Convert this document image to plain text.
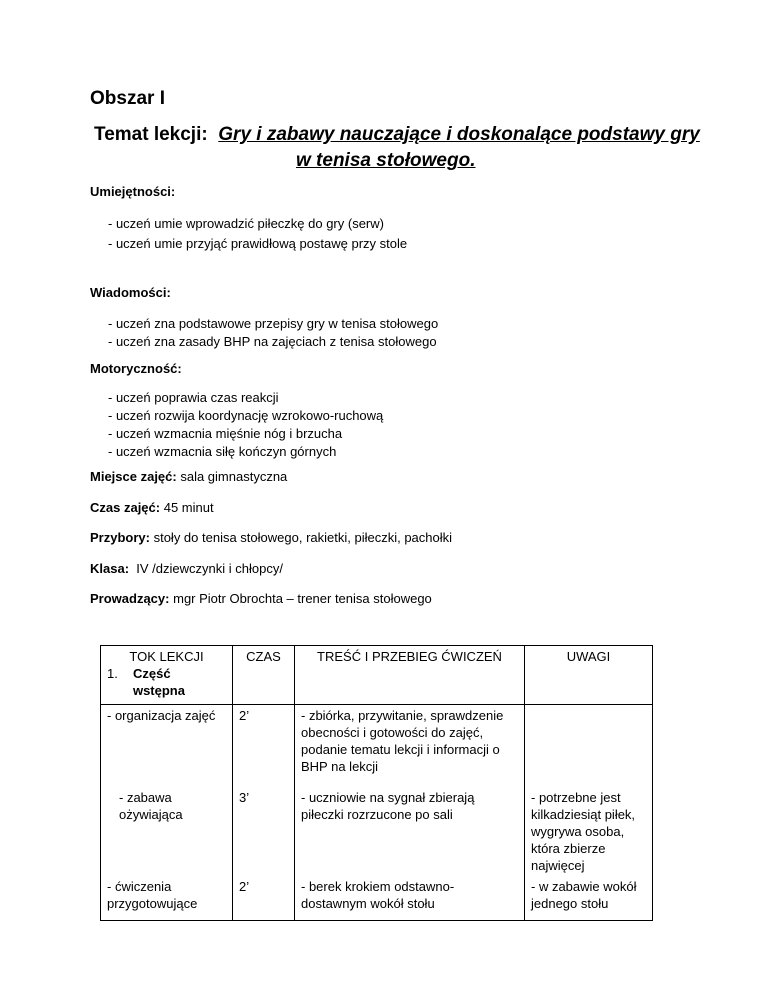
Obszar I
Temat lekcji: Gry i zabawy nauczające i doskonalące podstawy gry
w tenisa stołowego.
Umiejętności:
- uczeń umie wprowadzić piłeczkę do gry (serw)
- uczeń umie przyjąć prawidłową postawę przy stole
Wiadomości:
- uczeń zna podstawowe przepisy gry w tenisa stołowego
- uczeń zna zasady BHP na zajęciach z tenisa stołowego
Motoryczność:
- uczeń poprawia czas reakcji
- uczeń rozwija koordynację wzrokowo-ruchową
- uczeń wzmacnia mięśnie nóg i brzucha
- uczeń wzmacnia siłę kończyn górnych
Miejsce zajęć: sala gimnastyczna
Czas zajęć: 45 minut
Przybory: stoły do tenisa stołowego, rakietki, piłeczki, pachołki
Klasa: IV /dziewczynki i chłopcy/
Prowadzący: mgr Piotr Obrochta – trener tenisa stołowego
TOK LEKCJI
1. Część wstępna	CZAS	TREŚĆ I PRZEBIEG ĆWICZEŃ	UWAGI
- organizacja zajęć	2’	- zbiórka, przywitanie, sprawdzenie obecności i gotowości do zajęć, podanie tematu lekcji i informacji o BHP na lekcji	
- zabawa ożywiająca	3’	- uczniowie na sygnał zbierają piłeczki rozrzucone po sali	- potrzebne jest kilkadziesiąt piłek, wygrywa osoba, która zbierze najwięcej
- ćwiczenia przygotowujące	2’	- berek krokiem odstawno-dostawnym wokół stołu	- w zabawie wokół jednego stołu
